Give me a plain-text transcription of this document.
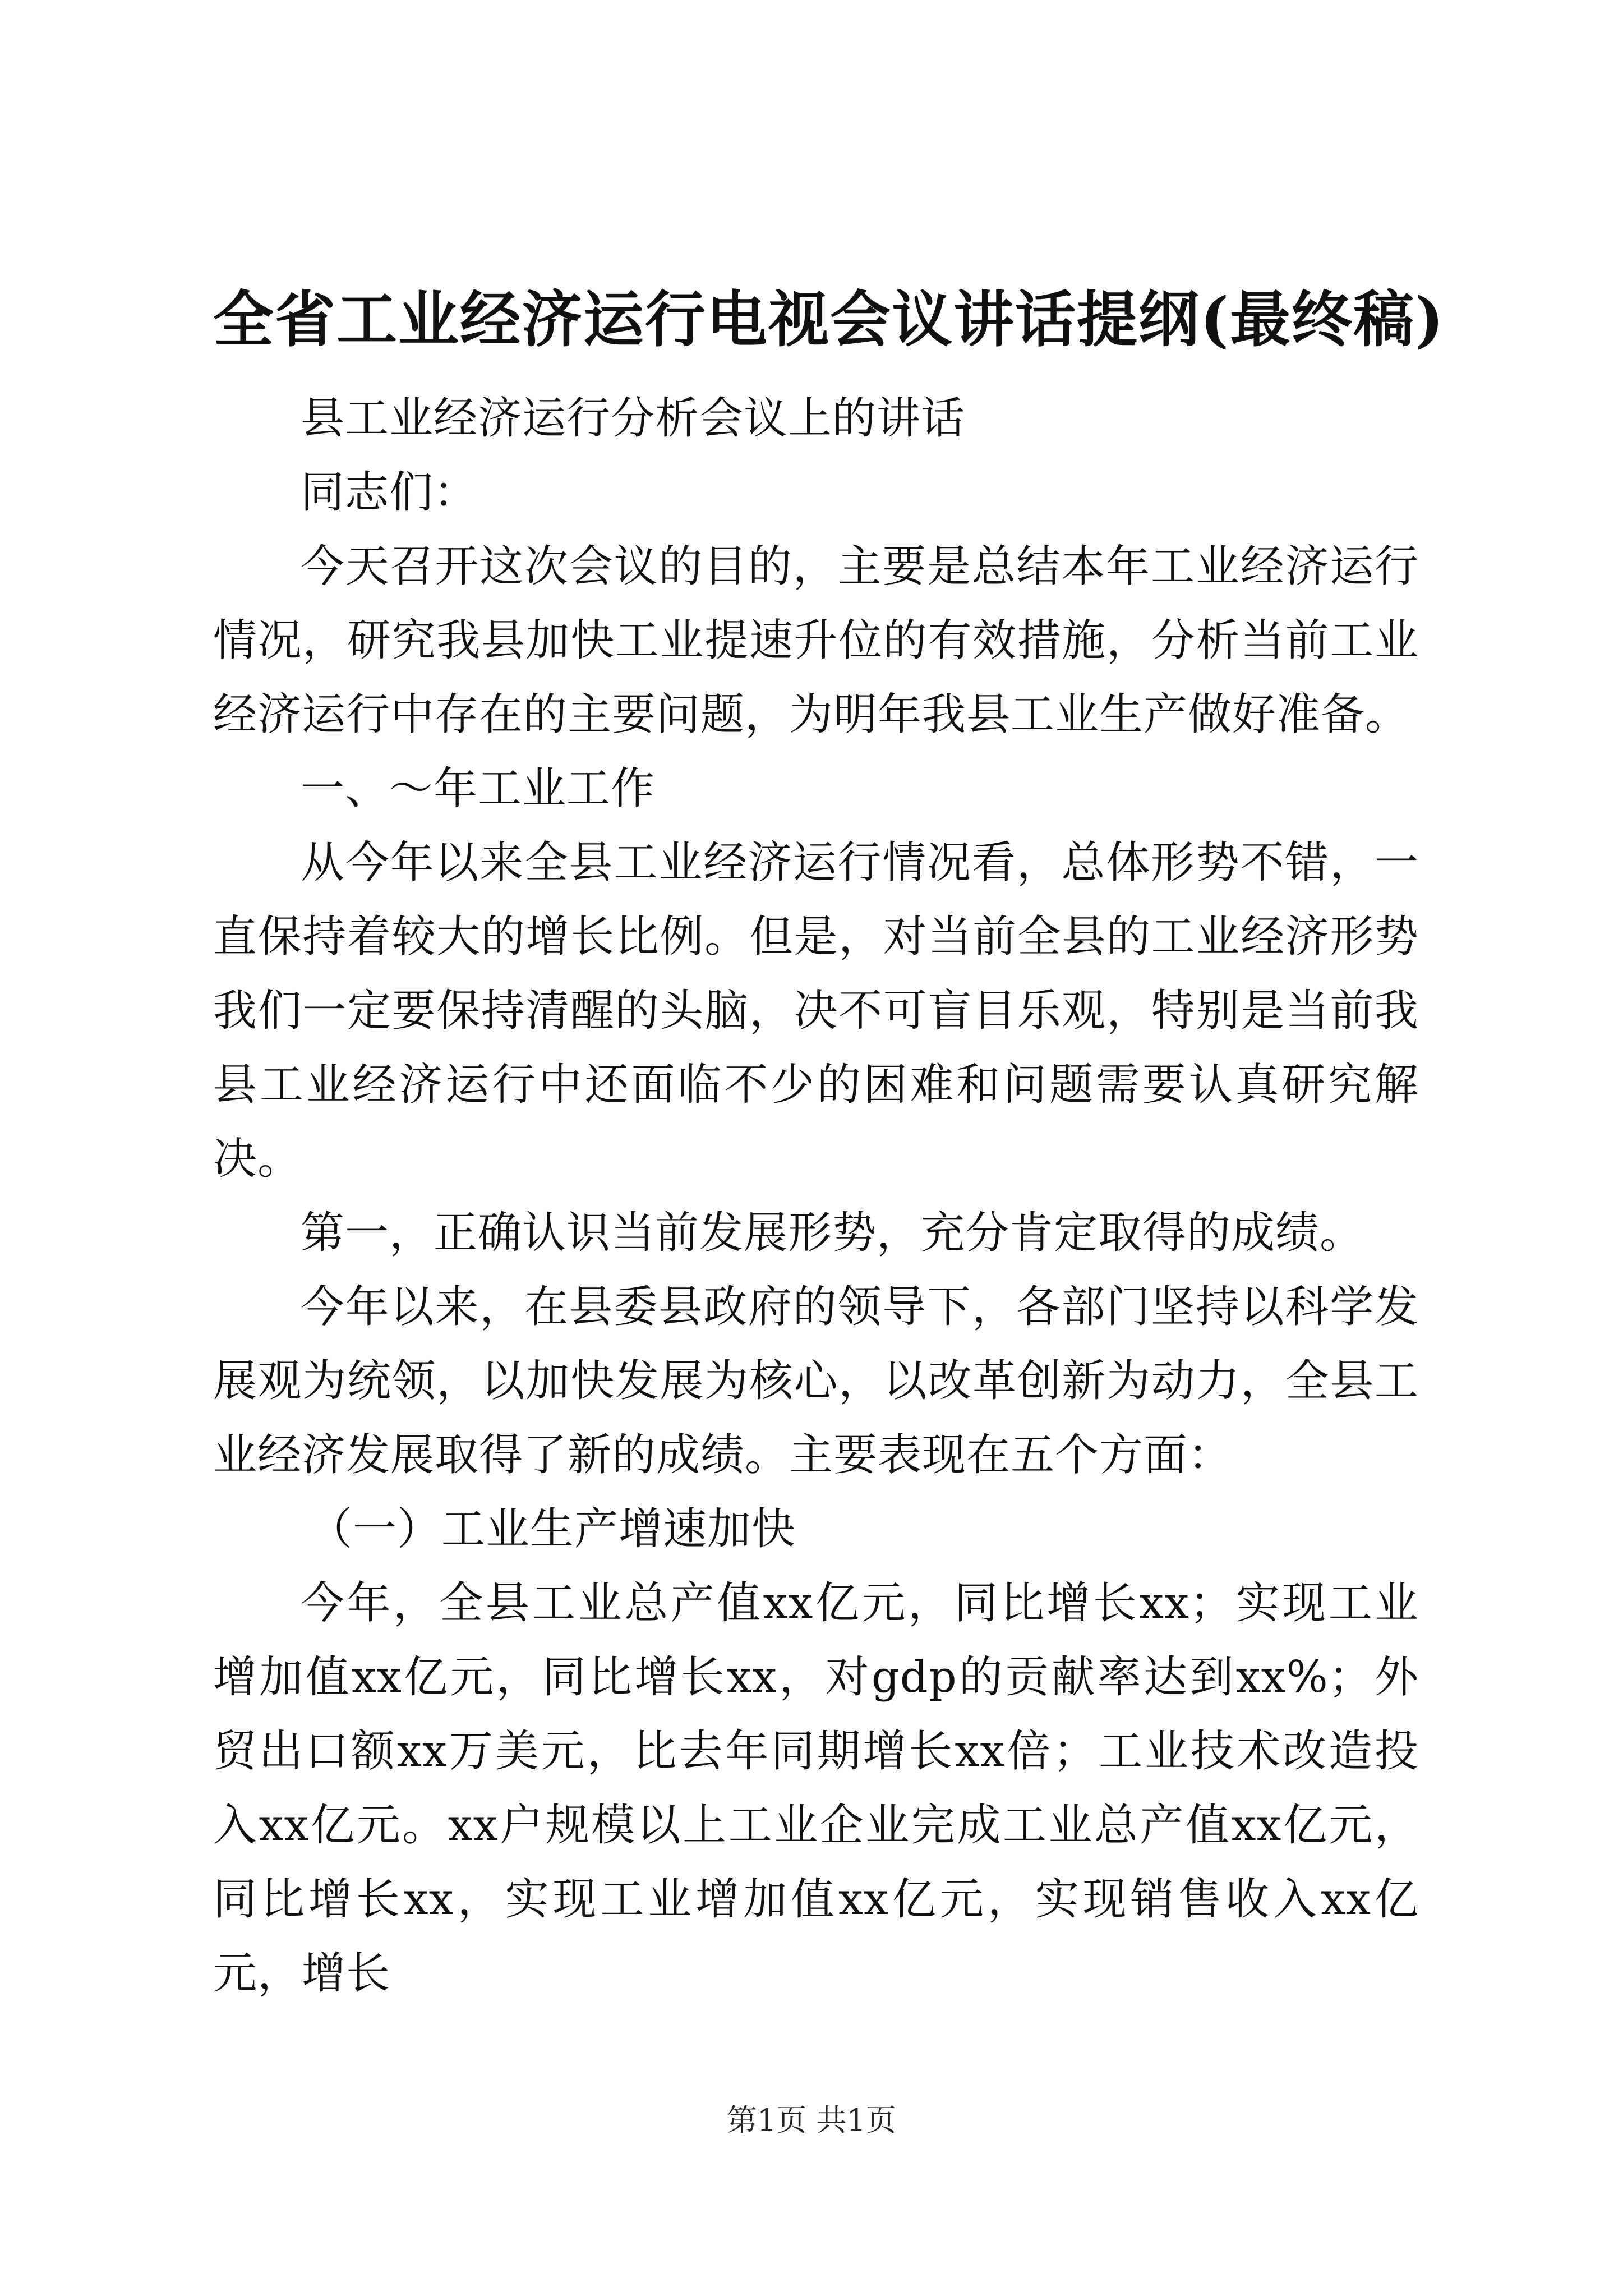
全省工业经济运行电视会议讲话提纲(最终稿)

县工业经济运行分析会议上的讲话

同志们：

今天召开这次会议的目的，主要是总结本年工业经济运行情况，研究我县加快工业提速升位的有效措施，分析当前工业经济运行中存在的主要问题，为明年我县工业生产做好准备。

一、～年工业工作

从今年以来全县工业经济运行情况看，总体形势不错，一直保持着较大的增长比例。但是，对当前全县的工业经济形势我们一定要保持清醒的头脑，决不可盲目乐观，特别是当前我县工业经济运行中还面临不少的困难和问题需要认真研究解决。

第一，正确认识当前发展形势，充分肯定取得的成绩。

今年以来，在县委县政府的领导下，各部门坚持以科学发展观为统领，以加快发展为核心，以改革创新为动力，全县工业经济发展取得了新的成绩。主要表现在五个方面：

（一）工业生产增速加快

今年，全县工业总产值xx亿元，同比增长xx；实现工业增加值xx亿元，同比增长xx，对gdp的贡献率达到xx%；外贸出口额xx万美元，比去年同期增长xx倍；工业技术改造投入xx亿元。xx户规模以上工业企业完成工业总产值xx亿元，同比增长xx，实现工业增加值xx亿元，实现销售收入xx亿元，增长

第1页 共1页
